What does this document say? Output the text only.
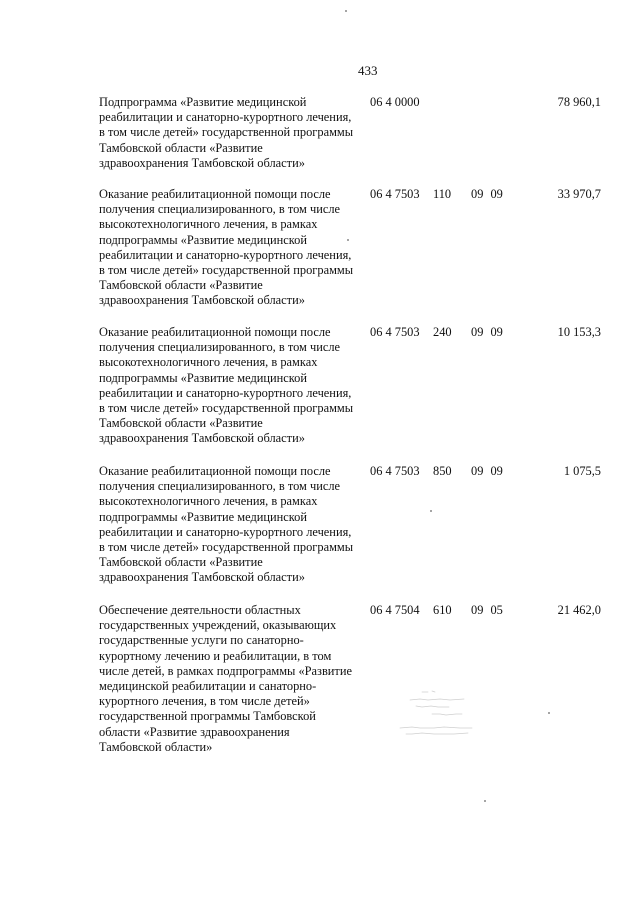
433
Подпрограмма «Развитие медицинской реабилитации и санаторно-курортного лечения, в том числе детей» государственной программы Тамбовской области «Развитие здравоохранения Тамбовской области»
06 4 0000	78 960,1
Оказание реабилитационной помощи после получения специализированного, в том числе высокотехнологичного лечения, в рамках подпрограммы «Развитие медицинской реабилитации и санаторно-курортного лечения, в том числе детей» государственной программы Тамбовской области «Развитие здравоохранения Тамбовской области»
06 4 7503 110 09 09	33 970,7
Оказание реабилитационной помощи после получения специализированного, в том числе высокотехнологичного лечения, в рамках подпрограммы «Развитие медицинской реабилитации и санаторно-курортного лечения, в том числе детей» государственной программы Тамбовской области «Развитие здравоохранения Тамбовской области»
06 4 7503 240 09 09	10 153,3
Оказание реабилитационной помощи после получения специализированного, в том числе высокотехнологичного лечения, в рамках подпрограммы «Развитие медицинской реабилитации и санаторно-курортного лечения, в том числе детей» государственной программы Тамбовской области «Развитие здравоохранения Тамбовской области»
06 4 7503 850 09 09	1 075,5
Обеспечение деятельности областных государственных учреждений, оказывающих государственные услуги по санаторно-курортному лечению и реабилитации, в том числе детей, в рамках подпрограммы «Развитие медицинской реабилитации и санаторно-курортного лечения, в том числе детей» государственной программы Тамбовской области «Развитие здравоохранения Тамбовской области»
06 4 7504 610 09 05	21 462,0
